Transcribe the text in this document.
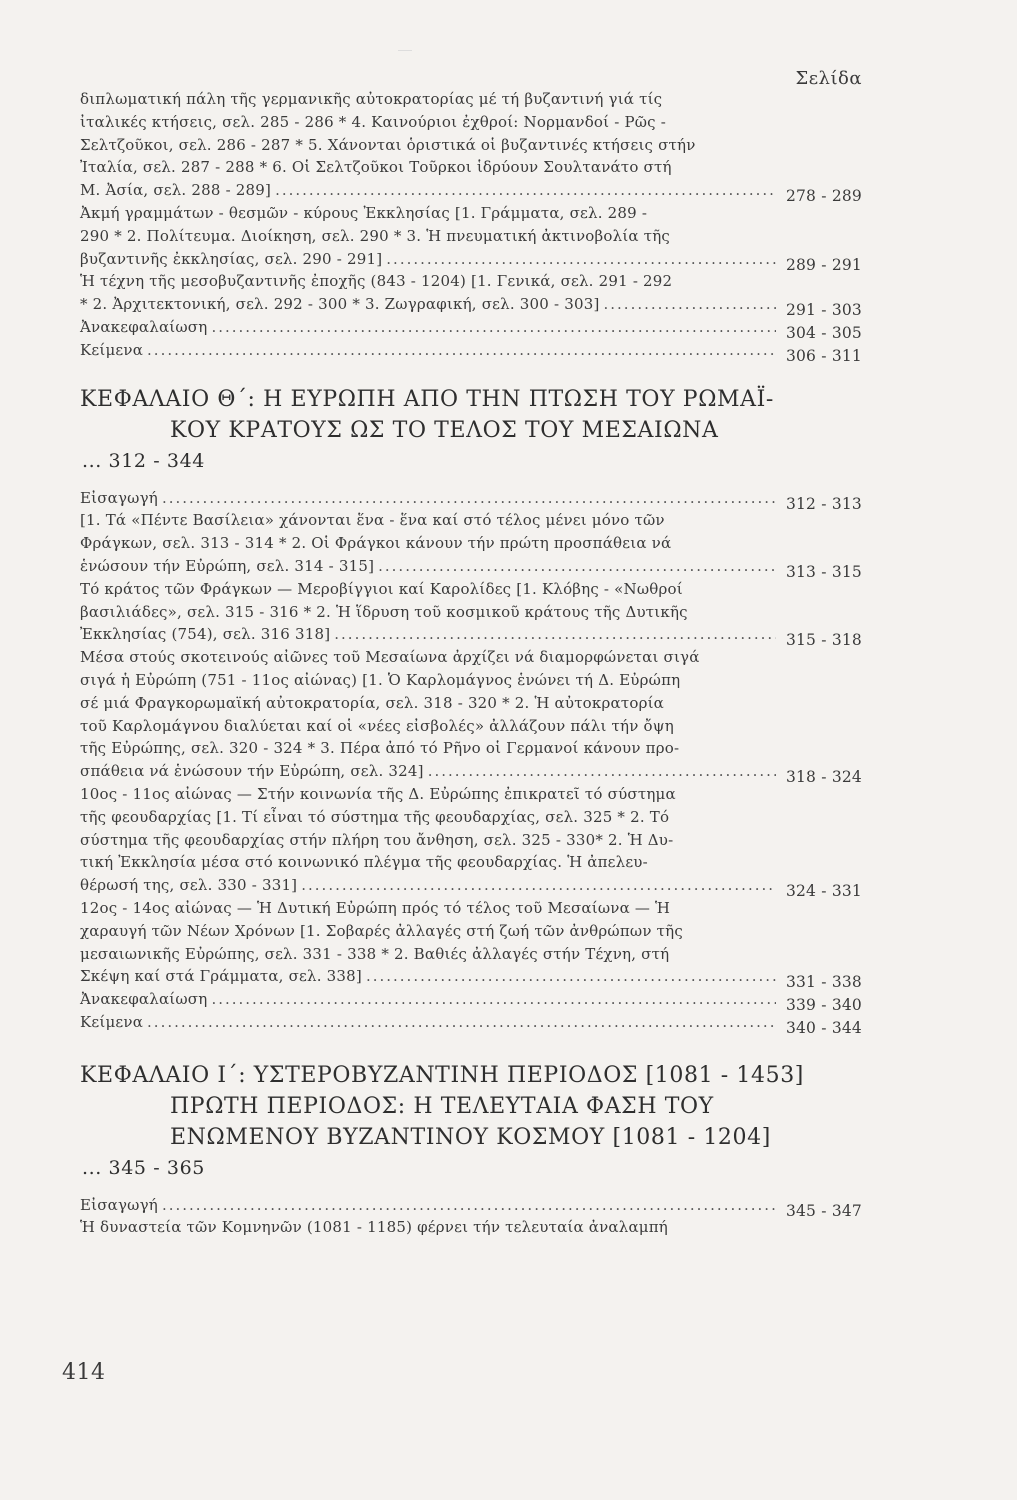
Σελίδα
διπλωματική πάλη τῆς γερμανικῆς αὐτοκρατορίας μέ τή βυζαντινή γιά τίς
ἰταλικές κτήσεις, σελ. 285 - 286 * 4. Καινούριοι ἐχθροί: Νορμανδοί - Ρῶς -
Σελτζοῦκοι, σελ. 286 - 287 * 5. Χάνονται ὁριστικά οἱ βυζαντινές κτήσεις στήν
Ἰταλία, σελ. 287 - 288 * 6. Οἱ Σελτζοῦκοι Τοῦρκοι ἱδρύουν Σουλτανάτο στή
Μ. Ἀσία, σελ. 288 - 289] .....	278 - 289
Ἀκμή γραμμάτων - θεσμῶν - κύρους Ἐκκλησίας [1. Γράμματα, σελ. 289 -
290 * 2. Πολίτευμα. Διοίκηση, σελ. 290 * 3. Ἡ πνευματική ἀκτινοβολία τῆς
βυζαντινῆς ἐκκλησίας, σελ. 290 - 291] .....	289 - 291
Ἡ τέχνη τῆς μεσοβυζαντινῆς ἐποχῆς (843 - 1204) [1. Γενικά, σελ. 291 - 292
* 2. Ἀρχιτεκτονική, σελ. 292 - 300 * 3. Ζωγραφική, σελ. 300 - 303] .....	291 - 303
Ἀνακεφαλαίωση .....	304 - 305
Κείμενα .....	306 - 311
ΚΕΦΑΛΑΙΟ Θ΄: Η ΕΥΡΩΠΗ ΑΠΟ ΤΗΝ ΠΤΩΣΗ ΤΟΥ ΡΩΜΑΪ-
ΚΟΥ ΚΡΑΤΟΥΣ ΩΣ ΤΟ ΤΕΛΟΣ ΤΟΥ ΜΕΣΑΙΩΝΑ
... 312 - 344
Εἰσαγωγή .....	312 - 313
[1. Τά «Πέντε Βασίλεια» χάνονται ἕνα - ἕνα καί στό τέλος μένει μόνο τῶν
Φράγκων, σελ. 313 - 314 * 2. Οἱ Φράγκοι κάνουν τήν πρώτη προσπάθεια νά
ἑνώσουν τήν Εὐρώπη, σελ. 314 - 315] .....	313 - 315
Τό κράτος τῶν Φράγκων — Μεροβίγγιοι καί Καρολίδες [1. Κλόβης - «Νωθροί
βασιλιάδες», σελ. 315 - 316 * 2. Ἡ ἵδρυση τοῦ κοσμικοῦ κράτους τῆς Δυτικῆς
Ἐκκλησίας (754), σελ. 316 318] .....	315 - 318
Μέσα στούς σκοτεινούς αἰῶνες τοῦ Μεσαίωνα ἀρχίζει νά διαμορφώνεται σιγά
σιγά ἡ Εὐρώπη (751 - 11ος αἰώνας) [1. Ὁ Καρλομάγνος ἑνώνει τή Δ. Εὐρώπη
σέ μιά Φραγκορωμαϊκή αὐτοκρατορία, σελ. 318 - 320 * 2. Ἡ αὐτοκρατορία
τοῦ Καρλομάγνου διαλύεται καί οἱ «νέες εἰσβολές» ἀλλάζουν πάλι τήν ὄψη
τῆς Εὐρώπης, σελ. 320 - 324 * 3. Πέρα ἀπό τό Ρῆνο οἱ Γερμανοί κάνουν προ-
σπάθεια νά ἑνώσουν τήν Εὐρώπη, σελ. 324] .....	318 - 324
10ος - 11ος αἰώνας — Στήν κοινωνία τῆς Δ. Εὐρώπης ἐπικρατεῖ τό σύστημα
τῆς φεουδαρχίας [1. Τί εἶναι τό σύστημα τῆς φεουδαρχίας, σελ. 325 * 2. Τό
σύστημα τῆς φεουδαρχίας στήν πλήρη του ἄνθηση, σελ. 325 - 330* 2. Ἡ Δυ-
τική Ἐκκλησία μέσα στό κοινωνικό πλέγμα τῆς φεουδαρχίας. Ἡ ἀπελευ-
θέρωσή της, σελ. 330 - 331] .....	324 - 331
12ος - 14ος αἰώνας — Ἡ Δυτική Εὐρώπη πρός τό τέλος τοῦ Μεσαίωνα — Ἡ
χαραυγή τῶν Νέων Χρόνων [1. Σοβαρές ἀλλαγές στή ζωή τῶν ἀνθρώπων τῆς
μεσαιωνικῆς Εὐρώπης, σελ. 331 - 338 * 2. Βαθιές ἀλλαγές στήν Τέχνη, στή
Σκέψη καί στά Γράμματα, σελ. 338] .....	331 - 338
Ἀνακεφαλαίωση .....	339 - 340
Κείμενα .....	340 - 344
ΚΕΦΑΛΑΙΟ Ι΄: ΥΣΤΕΡΟΒΥΖΑΝΤΙΝΗ ΠΕΡΙΟΔΟΣ [1081 - 1453]
ΠΡΩΤΗ ΠΕΡΙΟΔΟΣ: Η ΤΕΛΕΥΤΑΙΑ ΦΑΣΗ ΤΟΥ
ΕΝΩΜΕΝΟΥ ΒΥΖΑΝΤΙΝΟΥ ΚΟΣΜΟΥ [1081 - 1204]
... 345 - 365
Εἰσαγωγή .....	345 - 347
Ἡ δυναστεία τῶν Κομνηνῶν (1081 - 1185) φέρνει τήν τελευταία ἀναλαμπή
414
